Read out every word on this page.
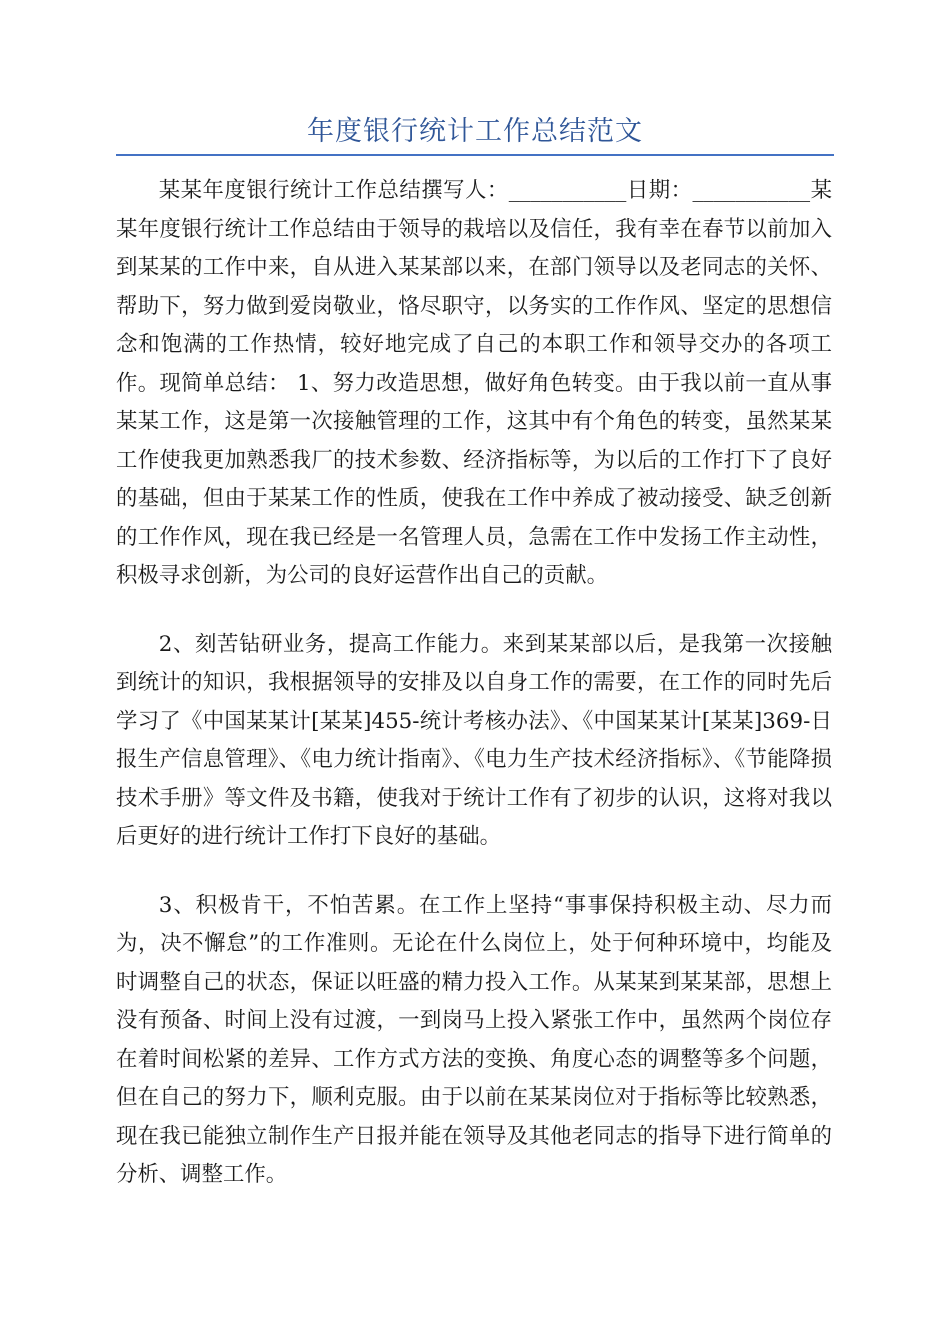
年度银行统计工作总结范文

某某年度银行统计工作总结撰写人：___________日期：___________某某年度银行统计工作总结由于领导的栽培以及信任，我有幸在春节以前加入到某某的工作中来，自从进入某某部以来，在部门领导以及老同志的关怀、帮助下，努力做到爱岗敬业，恪尽职守，以务实的工作作风、坚定的思想信念和饱满的工作热情，较好地完成了自己的本职工作和领导交办的各项工作。现简单总结： 1、努力改造思想，做好角色转变。由于我以前一直从事某某工作，这是第一次接触管理的工作，这其中有个角色的转变，虽然某某工作使我更加熟悉我厂的技术参数、经济指标等，为以后的工作打下了良好的基础，但由于某某工作的性质，使我在工作中养成了被动接受、缺乏创新的工作作风，现在我已经是一名管理人员，急需在工作中发扬工作主动性，积极寻求创新，为公司的良好运营作出自己的贡献。

2、刻苦钻研业务，提高工作能力。来到某某部以后，是我第一次接触到统计的知识，我根据领导的安排及以自身工作的需要，在工作的同时先后学习了《中国某某计[某某]455-统计考核办法》、《中国某某计[某某]369-日报生产信息管理》、《电力统计指南》、《电力生产技术经济指标》、《节能降损技术手册》等文件及书籍，使我对于统计工作有了初步的认识，这将对我以后更好的进行统计工作打下良好的基础。

3、积极肯干，不怕苦累。在工作上坚持“事事保持积极主动、尽力而为，决不懈怠”的工作准则。无论在什么岗位上，处于何种环境中，均能及时调整自己的状态，保证以旺盛的精力投入工作。从某某到某某部，思想上没有预备、时间上没有过渡，一到岗马上投入紧张工作中，虽然两个岗位存在着时间松紧的差异、工作方式方法的变换、角度心态的调整等多个问题，但在自己的努力下，顺利克服。由于以前在某某岗位对于指标等比较熟悉，现在我已能独立制作生产日报并能在领导及其他老同志的指导下进行简单的分析、调整工作。
